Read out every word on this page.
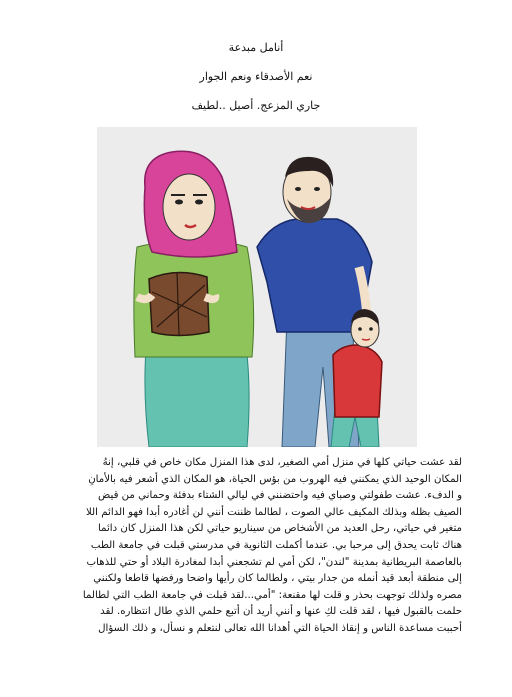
أنامل مبدعة
نعم الأصدقاء ونعم الجوار
جاري المزعج. أصيل ..لطيف
لقد عشت حياتي كلها في منزل أمي الصغير، لدى هذا المنزل مكان خاص في قلبي، إنهُ
المكان الوحيد الذي يمكنني فيه الهروب من بؤس الحياة، هو المكان الذي أشعر فيه بالأمانِ
و الدفء. عشت طفولتي وصباي فيه واحتضنني في ليالي الشتاء بدفئة وحماني من قيض
الصيف بظله وبذلك المكيف عالي الصوت ، لطالما ظننت أنني لن أغادره أبدا فهو الدائم اللا
متغير في حياتي، رحل العديد من الأشخاص من سيناريو حياتي لكن هذا المنزل كان دائما
هناك ثابت يحدق إلى مرحبا بي. عندما أكملت الثانوية في مدرستي قبلت في جامعة الطب
بالعاصمة البريطانية بمدينة "لندن"، لكن أمي لم تشجعني أبدا لمغادرة البلاد أو حتي للذهاب
إلى منطقة أبعد قيد أنمله من جدار بيتي ، ولطالما كان رأيها واضحا ورفضها قاطعا ولكنني
مصره ولذلك توجهت بحذر و قلت لها مقنعة: "أمي...لقد قبلت في جامعة الطب التي لطالما
حلمت بالقبول فيها ، لقد قلت لكِ عنها و أنني أريد أن أتبع حلمي الذي طال انتظاره. لقد
أحببت مساعدة الناس و إنقاذ الحياة التي أهدانا الله تعالى لنتعلم و نسأل، و ذلك السؤال
